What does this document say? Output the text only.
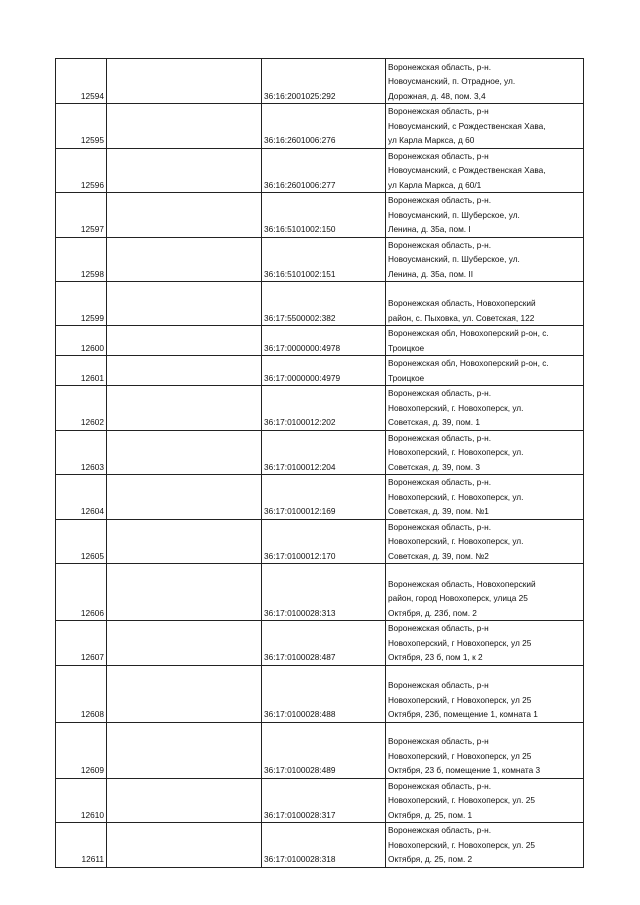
12594		36:16:2001025:292	Воронежская область, р-н.
Новоусманский, п. Отрадное, ул.
Дорожная, д. 48, пом. 3,4

12595		36:16:2601006:276	Воронежская область, р-н
Новоусманский, с Рождественская Хава,
ул Карла Маркса, д 60

12596		36:16:2601006:277	Воронежская область, р-н
Новоусманский, с Рождественская Хава,
ул Карла Маркса, д 60/1

12597		36:16:5101002:150	Воронежская область, р-н.
Новоусманский, п. Шуберское, ул.
Ленина, д. 35а, пом. I

12598		36:16:5101002:151	Воронежская область, р-н.
Новоусманский, п. Шуберское, ул.
Ленина, д. 35а, пом. II

12599		36:17:5500002:382	Воронежская область, Новохоперский
район, с. Пыховка, ул. Советская, 122

12600		36:17:0000000:4978	Воронежская обл, Новохоперский р-он, с.
Троицкое

12601		36:17:0000000:4979	Воронежская обл, Новохоперский р-он, с.
Троицкое

12602		36:17:0100012:202	Воронежская область, р-н.
Новохоперский, г. Новохоперск, ул.
Советская, д. 39, пом. 1

12603		36:17:0100012:204	Воронежская область, р-н.
Новохоперский, г. Новохоперск, ул.
Советская, д. 39, пом. 3

12604		36:17:0100012:169	Воронежская область, р-н.
Новохоперский, г. Новохоперск, ул.
Советская, д. 39, пом. №1

12605		36:17:0100012:170	Воронежская область, р-н.
Новохоперский, г. Новохоперск, ул.
Советская, д. 39, пом. №2

12606		36:17:0100028:313	Воронежская область, Новохоперский
район, город Новохоперск, улица 25
Октября, д. 23б, пом. 2

12607		36:17:0100028:487	Воронежская область, р-н
Новохоперский, г Новохоперск, ул 25
Октября, 23 б, пом 1, к 2

12608		36:17:0100028:488	Воронежская область, р-н
Новохоперский, г Новохоперск, ул 25
Октября, 23б, помещение 1, комната 1

12609		36:17:0100028:489	Воронежская область, р-н
Новохоперский, г Новохоперск, ул 25
Октября, 23 б, помещение 1, комната 3

12610		36:17:0100028:317	Воронежская область, р-н.
Новохоперский, г. Новохоперск, ул. 25
Октября, д. 25, пом. 1

12611		36:17:0100028:318	Воронежская область, р-н.
Новохоперский, г. Новохоперск, ул. 25
Октября, д. 25, пом. 2
